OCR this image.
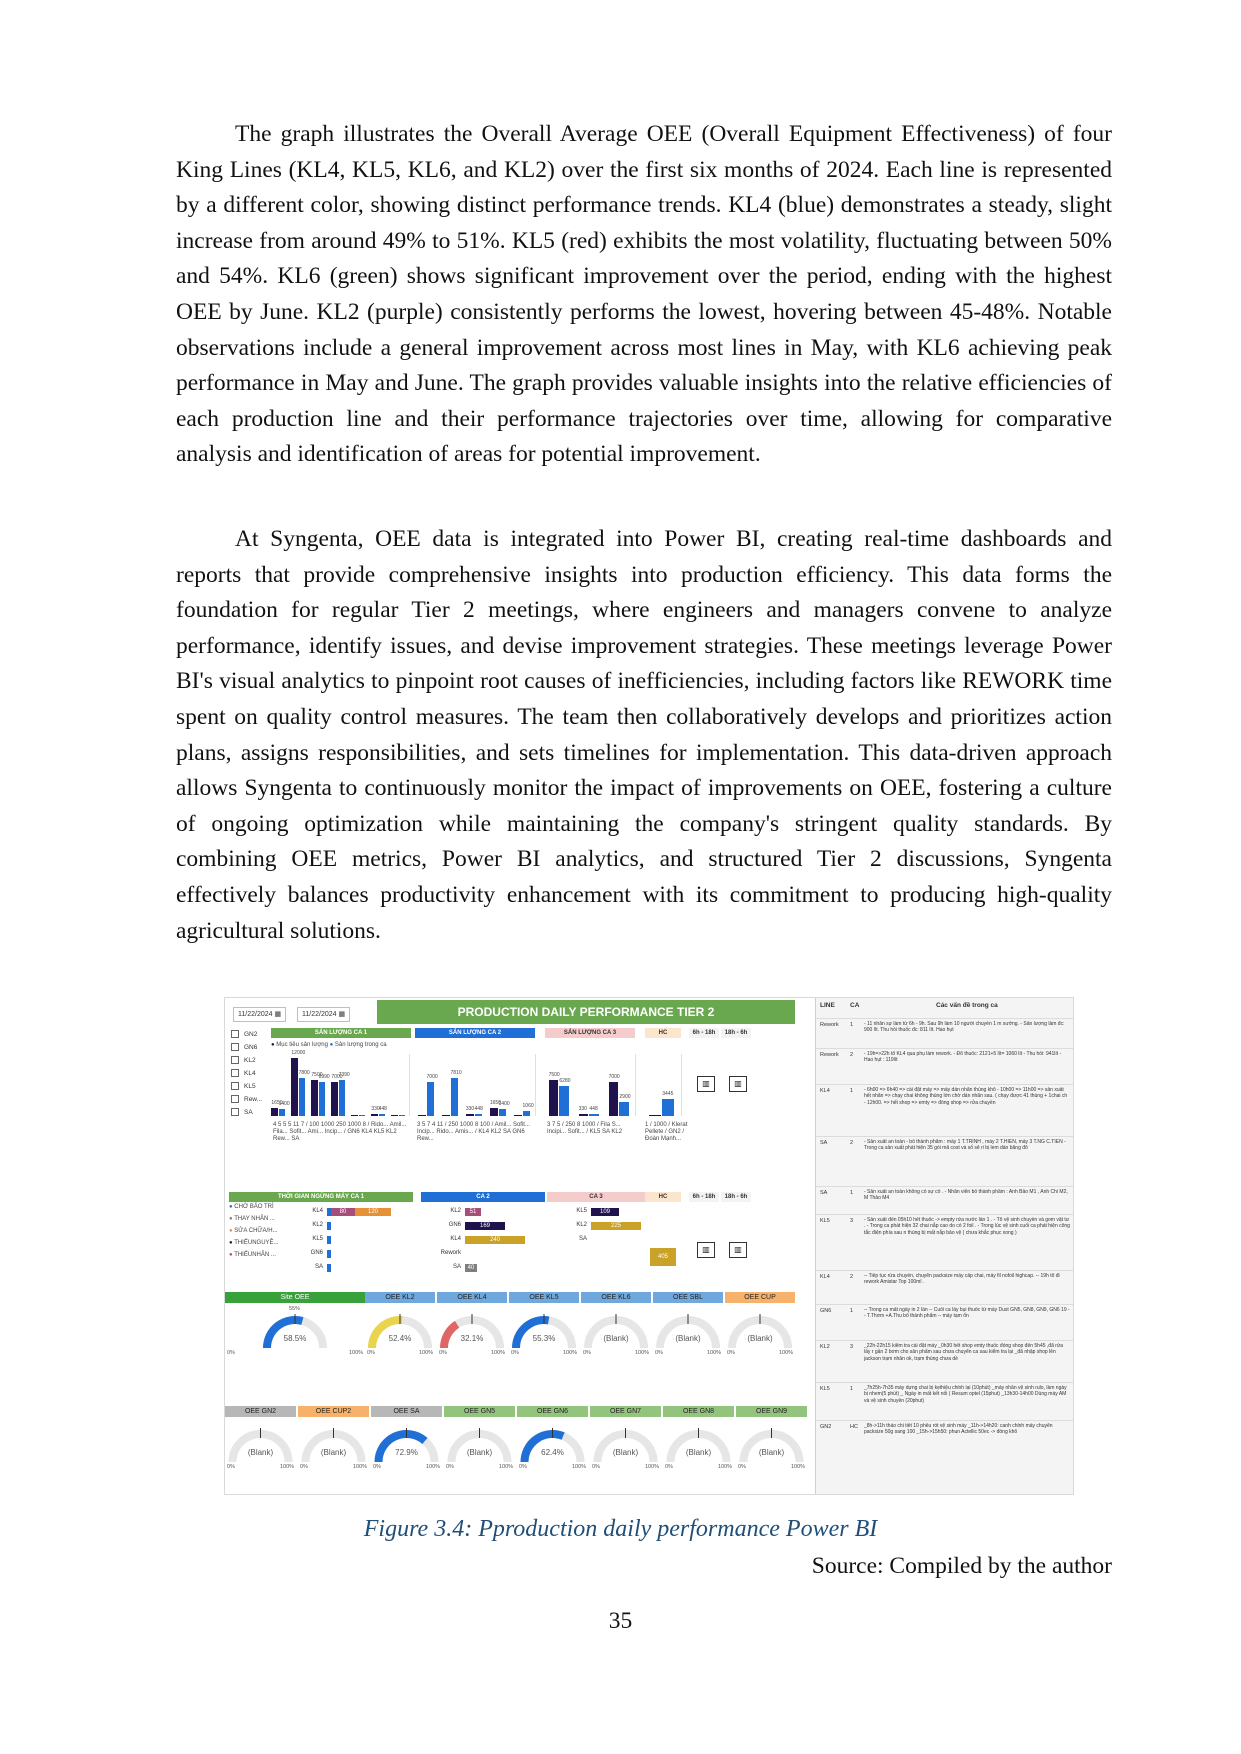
The graph illustrates the Overall Average OEE (Overall Equipment Effectiveness) of four King Lines (KL4, KL5, KL6, and KL2) over the first six months of 2024. Each line is represented by a different color, showing distinct performance trends. KL4 (blue) demonstrates a steady, slight increase from around 49% to 51%. KL5 (red) exhibits the most volatility, fluctuating between 50% and 54%. KL6 (green) shows significant improvement over the period, ending with the highest OEE by June. KL2 (purple) consistently performs the lowest, hovering between 45-48%. Notable observations include a general improvement across most lines in May, with KL6 achieving peak performance in May and June. The graph provides valuable insights into the relative efficiencies of each production line and their performance trajectories over time, allowing for comparative analysis and identification of areas for potential improvement.

At Syngenta, OEE data is integrated into Power BI, creating real-time dashboards and reports that provide comprehensive insights into production efficiency. This data forms the foundation for regular Tier 2 meetings, where engineers and managers convene to analyze performance, identify issues, and devise improvement strategies. These meetings leverage Power BI's visual analytics to pinpoint root causes of inefficiencies, including factors like REWORK time spent on quality control measures. The team then collaboratively develops and prioritizes action plans, assigns responsibilities, and sets timelines for implementation. This data-driven approach allows Syngenta to continuously monitor the impact of improvements on OEE, fostering a culture of ongoing optimization while maintaining the company's stringent quality standards. By combining OEE metrics, Power BI analytics, and structured Tier 2 discussions, Syngenta effectively balances productivity enhancement with its commitment to producing high-quality agricultural solutions.

11/22/2024 ▦	11/22/2024 ▦	PRODUCTION DAILY PERFORMANCE TIER 2
GN2
GN6
KL2
KL4
KL5
Rew...
SA
SẢN LƯỢNG CA 1	SẢN LƯỢNG CA 2	SẢN LƯỢNG CA 3	HC	6h - 18h	18h - 6h
● Mục tiêu sản lượng ● Sản lượng trong ca
1650
1400
12000
7800 7500
6990 7000
7390
330
448
7000
7810
330 448
1650
1400	1060
7500
6280
330 448
7000
2900	3445
4 5 5 5 11 7 / 100 1000 250 1000 8 / Rido... Amil... Fila... Sofit... Ami... Incip... / GN6 KL4 KL5 KL2 Rew... SA
3 5 7 4 11 / 250 1000 8 100 / Amil... Sofit... Incip... Rido... Amis... / KL4 KL2 SA GN6 Rew...
3 7 5 / 250 8 1000 / Fila S... Incipi... Sofit... / KL5 SA KL2
1 / 1000 / Klerat Pellete / GN2 / Đoàn Mạnh...
▥	▥
THỜI GIAN NGỪNG MÁY CA 1	CA 2	CA 3	HC	6h - 18h	18h - 6h
● CHỜ BẢO TRÌ
● THAY NHÂN ...
● SỬA CHỮA/H...
● THIẾUNGUYÊ...
● THIẾUNHÂN ...
KL4
KL2
KL5
GN6
SA
80	120	KL2
GN6
KL4
Rework
SA
51
169
240
40
KL5
KL2
SA
109
225
405
▥	▥
Site OEE
58.5%
0%	100%
55%
OEE KL2
52.4%
0%	100%
OEE KL4
32.1%
0%	100%
OEE KL5
55.3%
0%	100%
OEE KL6
(Blank)
0%	100%
OEE SBL
(Blank)
0%	100%
OEE CUP
(Blank)
0%	100%
OEE GN2
(Blank)
0%	100%
OEE CUP2
(Blank)
0%	100%
OEE SA
72.9%
0%	100%
OEE GN5
(Blank)
0%	100%
OEE GN6
62.4%
0%	100%
OEE GN7
(Blank)
0%	100%
OEE GN8
(Blank)
0%	100%
OEE GN9
(Blank)
0%	100%
LINE CA	Các vấn đề trong ca
Rework 1 - 11 nhân sự làm từ 6h - 9h. Sau 9h làm 10 người chuyền 1 m xưởng. - Sản lượng làm đc: 900 lít. Thu hồi thuốc đc: 811 lít. Hao hụt
Rework 2 - 19h=>22h tổ KL4 qua phụ làm rework. - Đổ thuốc: 2121+5 lít= 1060 lít - Thu hồi: 941lít - Hao hụt : 119lít
KL4	1 - 6h00 => 6h40 => cài đặt máy => máy dán nhãn thùng khô - 10h00 => 11h00 => sản xuất hết nhãn => chạy chai không thùng lớn chờ dán nhãn sau. ( chạy được 41 thùng + 1chai ch - 12h00. => hết shop => emty => đóng shop => rửa chuyền
SA	2 - Sản xuất an toàn - bố thành phẩm : máy 1 T.TRINH , máy 2 T.HIỀN, máy 3 T.NG C.TIÊN - Trong ca sản xuất phát hiện 35 gói mã cost và số sê ri bị lem dán băng đô
SA	1 - Sản xuất an toàn không có sự cố . - Nhân viên bố thành phẩm : Anh Bảo M1 , Anh Chi M2, M Thảo M4
KL5	3 - Sản xuất đến 05h10 hết thuốc -> empty rửa nước lần 1 . - Tổ vệ sinh chuyền và gom vật tư . - Trong ca phát hiện 32 chai nắp cao do có 2 foil . - Trong lúc vệ sinh cuối ca phát hiện công tắc điện phía sau n thùng bị mất nắp bảo vệ ( chưa khắc phục xong )
KL4	2 -- Tiếp tục rửa chuyền, chuyển packsize máy cấp chai, máy fil nofoil highcap. -- 19h tổ đi rework Amistar Top 100ml .
GN6	1 -- Trong ca mất ngày in 2 lần -- Cuối ca lấy bụi thuốc từ máy Dust GN5, GN8, GN9, GN6 19 -- T.Thơm +A.Thu bố thành phẩm -- máy tạm ổn
KL2	3 _22h-22h15 kiểm tra cài đặt máy _0h30 hết shop emty thuốc đóng shop đến 5h45 ,đã rửa lấy r gần 2 bơm cho sản phẩm sau chưa chuyển ca sau kiểm tra lại _đã nhập shop lên jackson trạm nhân ok, trạm thùng chưa dề
KL5	1 _7h25h-7h35 máy dựng chai bị kẹthiệu chỉnh lại (10phút) _máy nhãn vệ sinh rulo, làm ngày bị nhem(5 phút) _ Ngày in mất kết nối ( Resum optel (15phut) _13h30-14h00 Dùng máy AM và vệ sinh chuyền (20phut)
GN2	HC _8h->11h tháo chi tiết 10 phễu rót vệ sinh máy _11h->14h20: canh chỉnh máy chuyển packsize 50g sang 100 _15h->15h50: phun Actellic 50ec -> đóng khô
Figure 3.4: Pproduction daily performance Power BI
Source: Compiled by the author
35
